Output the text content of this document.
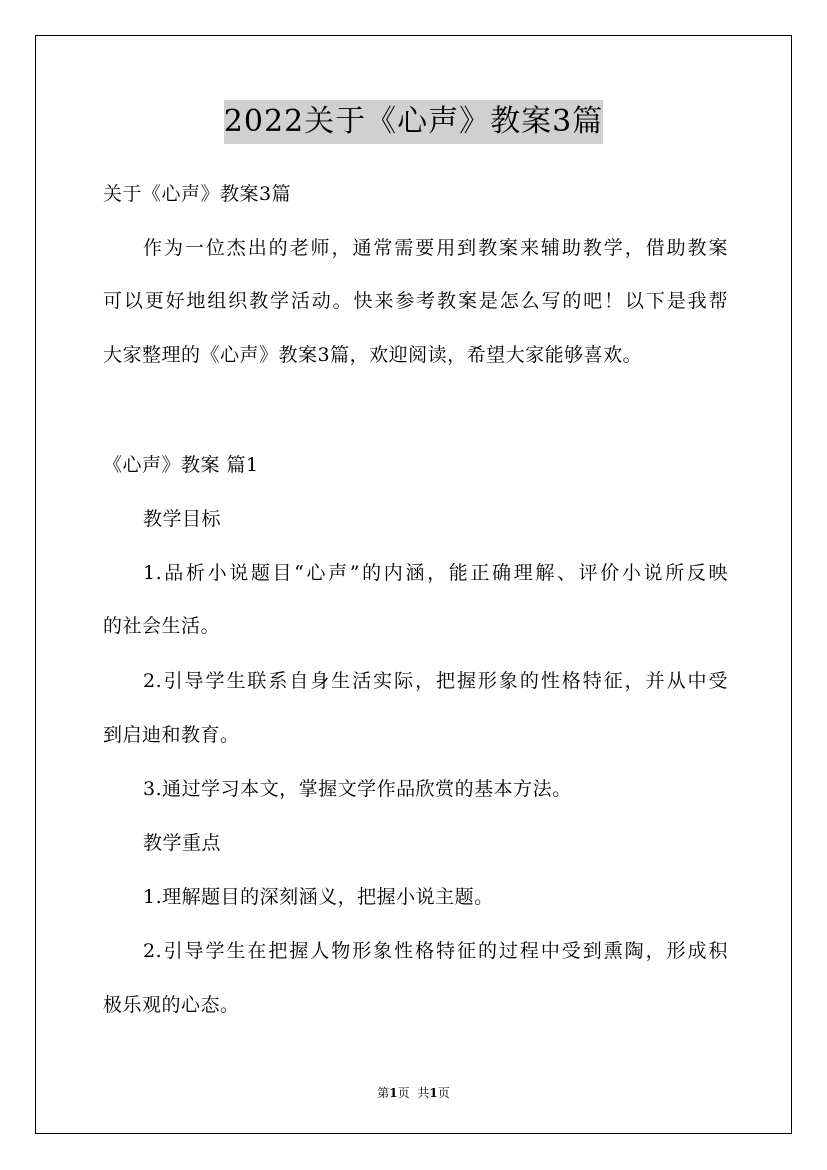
2022关于《心声》教案3篇
关于《心声》教案3篇
作为一位杰出的老师，通常需要用到教案来辅助教学，借助教案
可以更好地组织教学活动。快来参考教案是怎么写的吧！以下是我帮
大家整理的《心声》教案3篇，欢迎阅读，希望大家能够喜欢。
《心声》教案 篇1
教学目标
1.品析小说题目“心声”的内涵，能正确理解、评价小说所反映
的社会生活。
2.引导学生联系自身生活实际，把握形象的性格特征，并从中受
到启迪和教育。
3.通过学习本文，掌握文学作品欣赏的基本方法。
教学重点
1.理解题目的深刻涵义，把握小说主题。
2.引导学生在把握人物形象性格特征的过程中受到熏陶，形成积
极乐观的心态。
第1页 共1页
